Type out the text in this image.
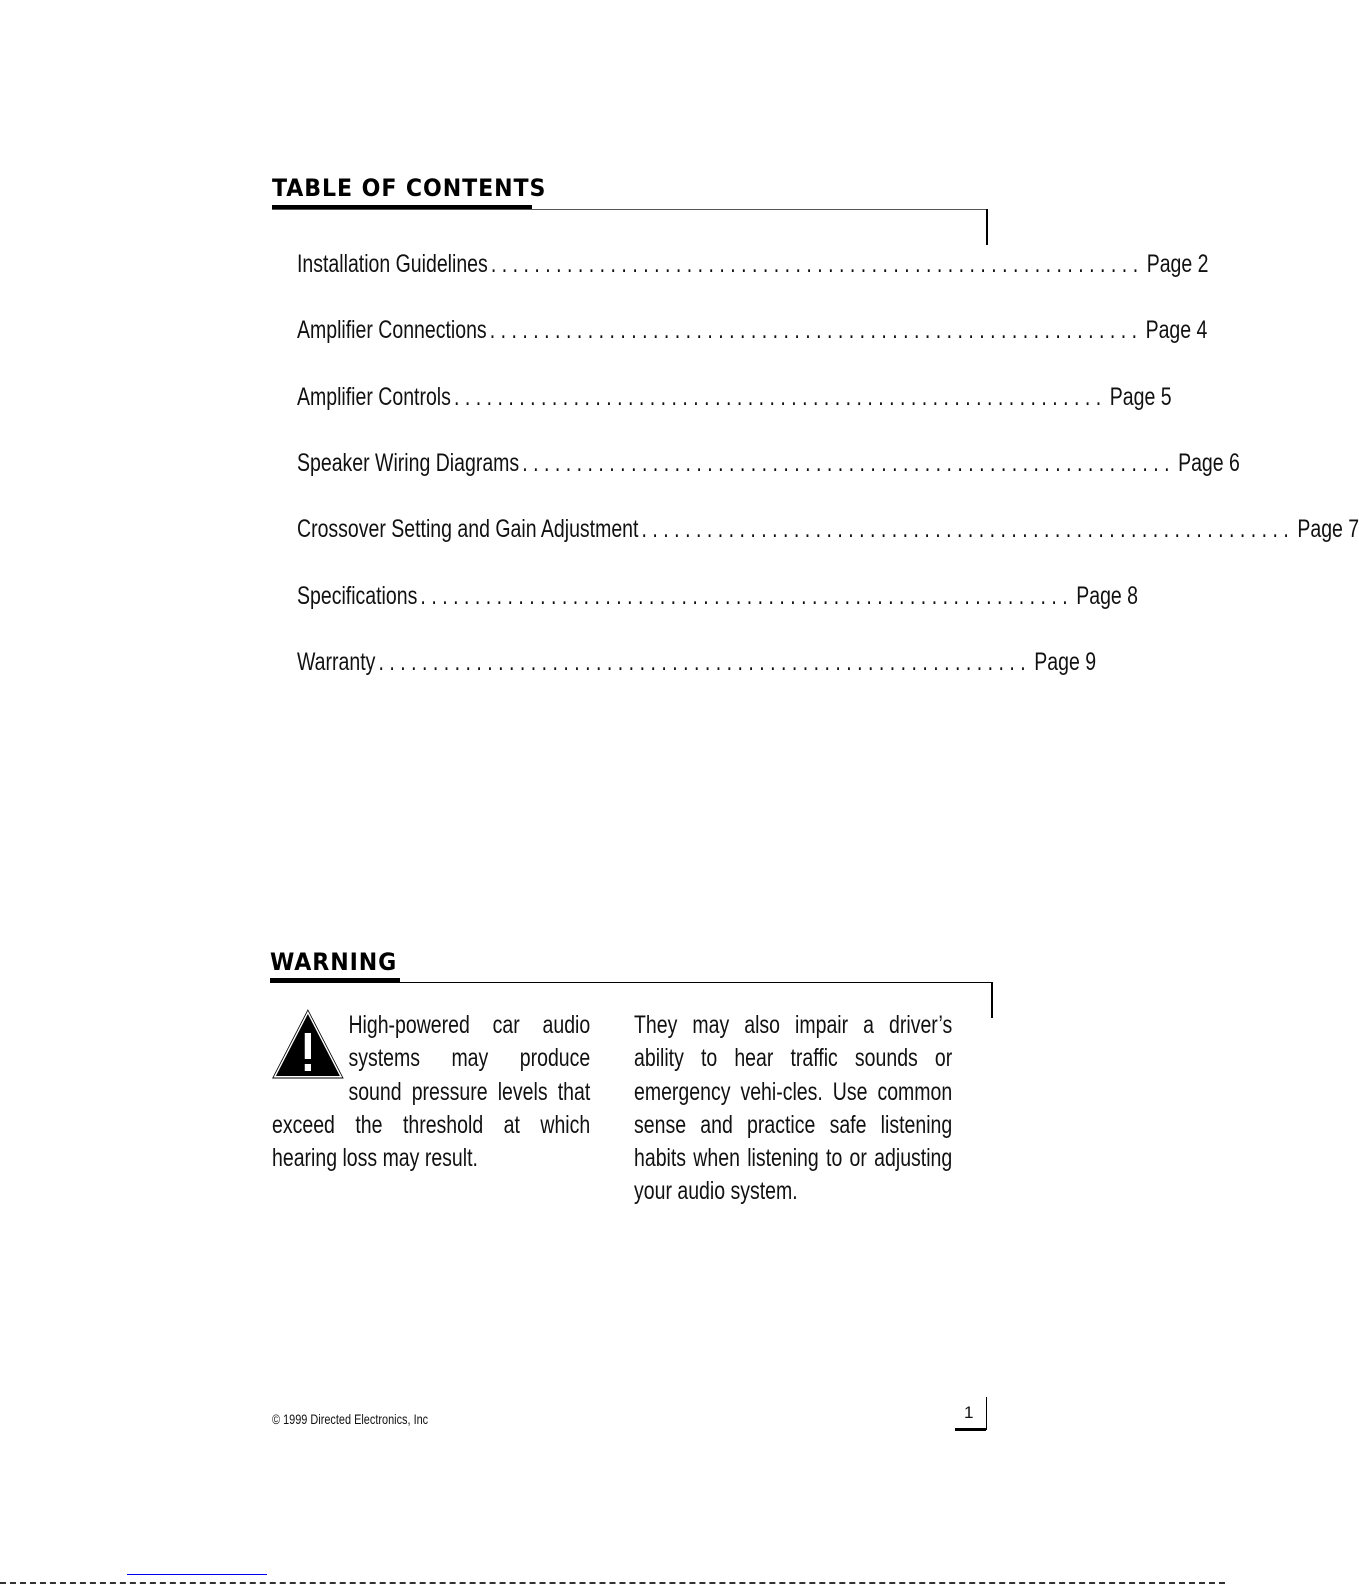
TABLE OF CONTENTS
Installation Guidelines ............................................................ Page 2
Amplifier Connections ............................................................ Page 4
Amplifier Controls ............................................................ Page 5
Speaker Wiring Diagrams ............................................................ Page 6
Crossover Setting and Gain Adjustment ............................................................ Page 7
Specifications ............................................................ Page 8
Warranty ............................................................ Page 9
WARNING
High-powered car audio systems may produce sound pressure levels that exceed the threshold at which hearing loss may result.
They may also impair a driver’s ability to hear traffic sounds or emergency vehi-cles. Use common sense and practice safe listening habits when listening to or adjusting your audio system.
© 1999 Directed Electronics, Inc	1
